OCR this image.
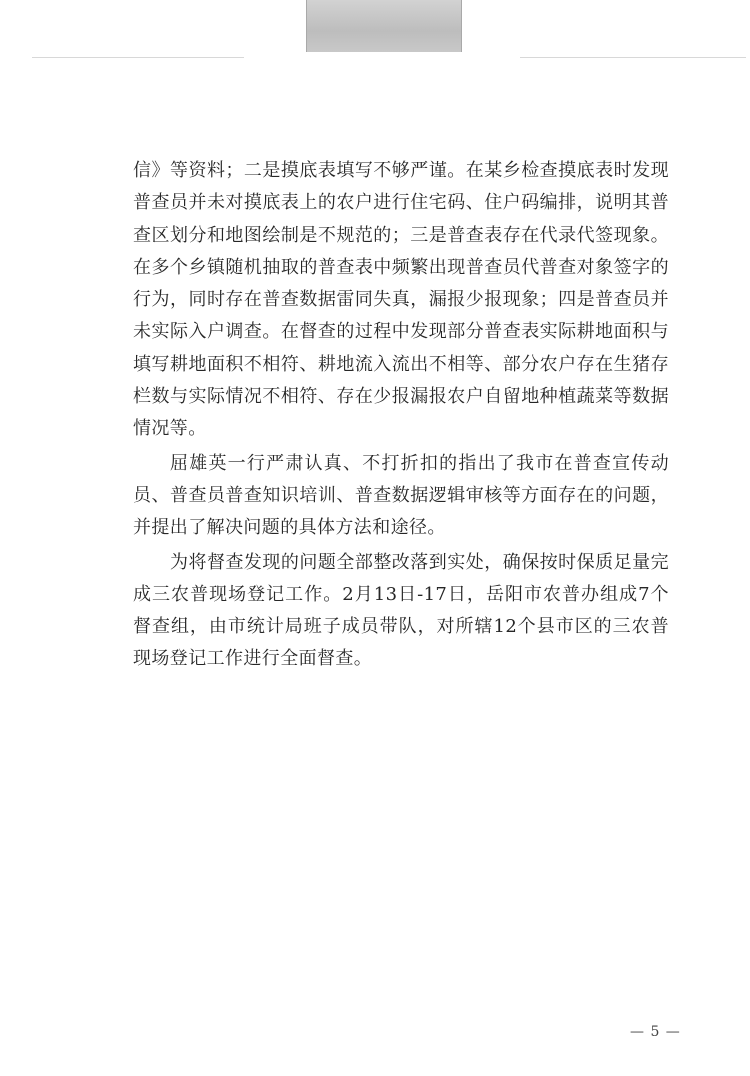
信》等资料；二是摸底表填写不够严谨。在某乡检查摸底表时发现普查员并未对摸底表上的农户进行住宅码、住户码编排，说明其普查区划分和地图绘制是不规范的；三是普查表存在代录代签现象。在多个乡镇随机抽取的普查表中频繁出现普查员代普查对象签字的行为，同时存在普查数据雷同失真，漏报少报现象；四是普查员并未实际入户调查。在督查的过程中发现部分普查表实际耕地面积与填写耕地面积不相符、耕地流入流出不相等、部分农户存在生猪存栏数与实际情况不相符、存在少报漏报农户自留地种植蔬菜等数据情况等。

屈雄英一行严肃认真、不打折扣的指出了我市在普查宣传动员、普查员普查知识培训、普查数据逻辑审核等方面存在的问题，并提出了解决问题的具体方法和途径。

为将督查发现的问题全部整改落到实处，确保按时保质足量完成三农普现场登记工作。2月13日-17日，岳阳市农普办组成7个督查组，由市统计局班子成员带队，对所辖12个县市区的三农普现场登记工作进行全面督查。

— 5 —
